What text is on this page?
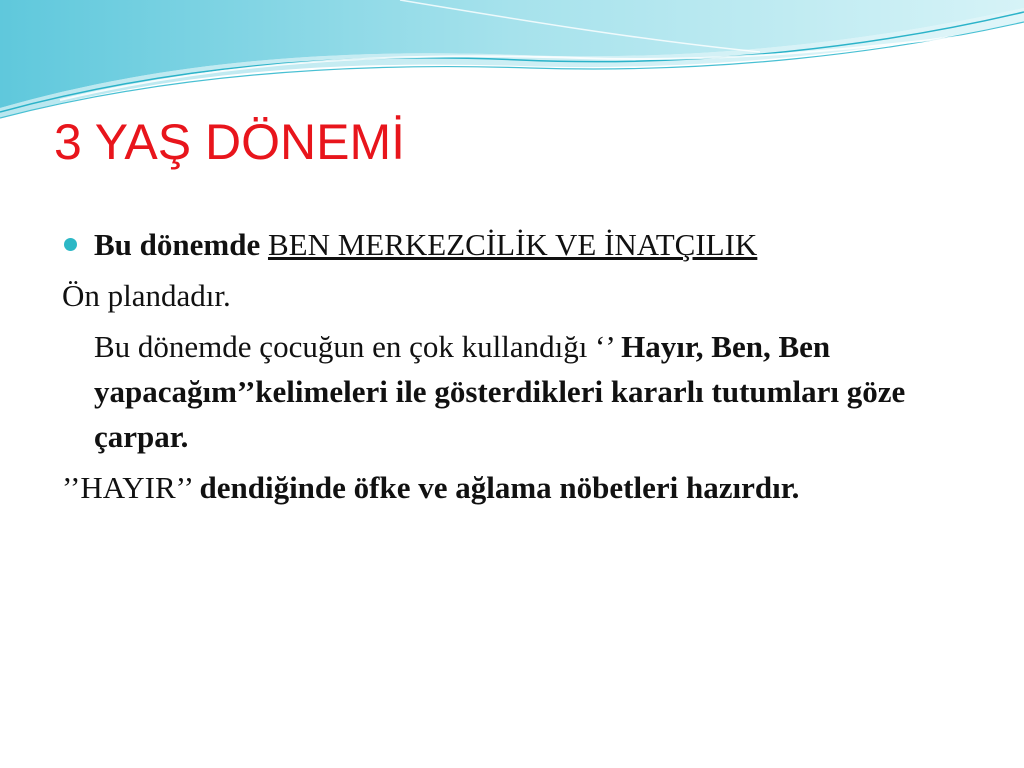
3 YAŞ DÖNEMİ

Bu dönemde BEN MERKEZCİLİK VE İNATÇILIK

Ön plandadır.

Bu dönemde çocuğun en çok kullandığı ‘’ Hayır, Ben, Ben yapacağım’’kelimeleri ile gösterdikleri kararlı tutumları göze çarpar.

’’HAYIR’’ dendiğinde öfke ve ağlama nöbetleri hazırdır.
